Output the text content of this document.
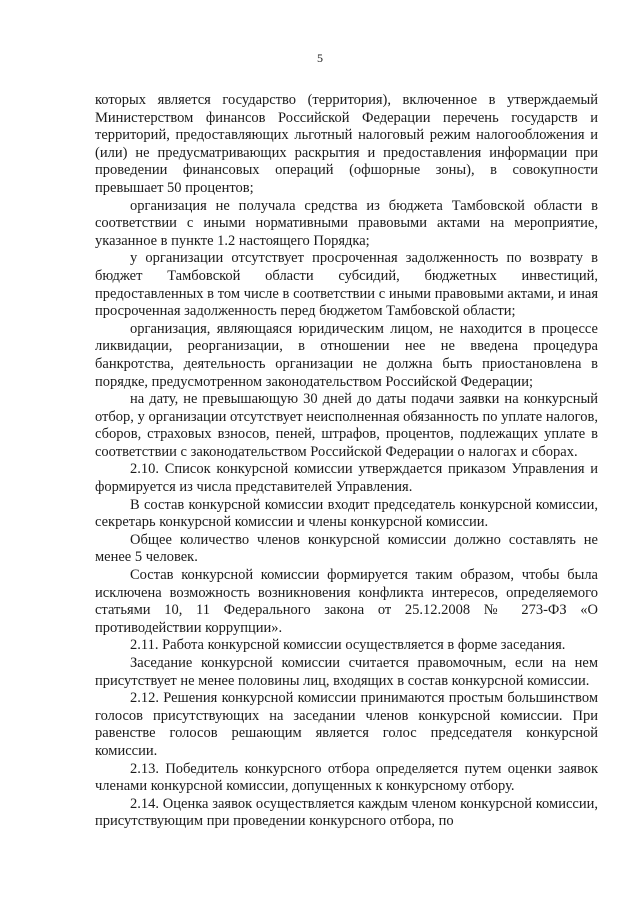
5

которых является государство (территория), включенное в утверждаемый Министерством финансов Российской Федерации перечень государств и территорий, предоставляющих льготный налоговый режим налогообложения и (или) не предусматривающих раскрытия и предоставления информации при проведении финансовых операций (офшорные зоны), в совокупности превышает 50 процентов;

организация не получала средства из бюджета Тамбовской области в соответствии с иными нормативными правовыми актами на мероприятие, указанное в пункте 1.2 настоящего Порядка;

у организации отсутствует просроченная задолженность по возврату в бюджет Тамбовской области субсидий, бюджетных инвестиций, предоставленных в том числе в соответствии с иными правовыми актами, и иная просроченная задолженность перед бюджетом Тамбовской области;

организация, являющаяся юридическим лицом, не находится в процессе ликвидации, реорганизации, в отношении нее не введена процедура банкротства, деятельность организации не должна быть приостановлена в порядке, предусмотренном законодательством Российской Федерации;

на дату, не превышающую 30 дней до даты подачи заявки на конкурсный отбор, у организации отсутствует неисполненная обязанность по уплате налогов, сборов, страховых взносов, пеней, штрафов, процентов, подлежащих уплате в соответствии с законодательством Российской Федерации о налогах и сборах.

2.10. Список конкурсной комиссии утверждается приказом Управления и формируется из числа представителей Управления.

В состав конкурсной комиссии входит председатель конкурсной комиссии, секретарь конкурсной комиссии и члены конкурсной комиссии.

Общее количество членов конкурсной комиссии должно составлять не менее 5 человек.

Состав конкурсной комиссии формируется таким образом, чтобы была исключена возможность возникновения конфликта интересов, определяемого статьями 10, 11 Федерального закона от 25.12.2008 № 273-ФЗ «О противодействии коррупции».

2.11. Работа конкурсной комиссии осуществляется в форме заседания.

Заседание конкурсной комиссии считается правомочным, если на нем присутствует не менее половины лиц, входящих в состав конкурсной комиссии.

2.12. Решения конкурсной комиссии принимаются простым большинством голосов присутствующих на заседании членов конкурсной комиссии. При равенстве голосов решающим является голос председателя конкурсной комиссии.

2.13. Победитель конкурсного отбора определяется путем оценки заявок членами конкурсной комиссии, допущенных к конкурсному отбору.

2.14. Оценка заявок осуществляется каждым членом конкурсной комиссии, присутствующим при проведении конкурсного отбора, по
